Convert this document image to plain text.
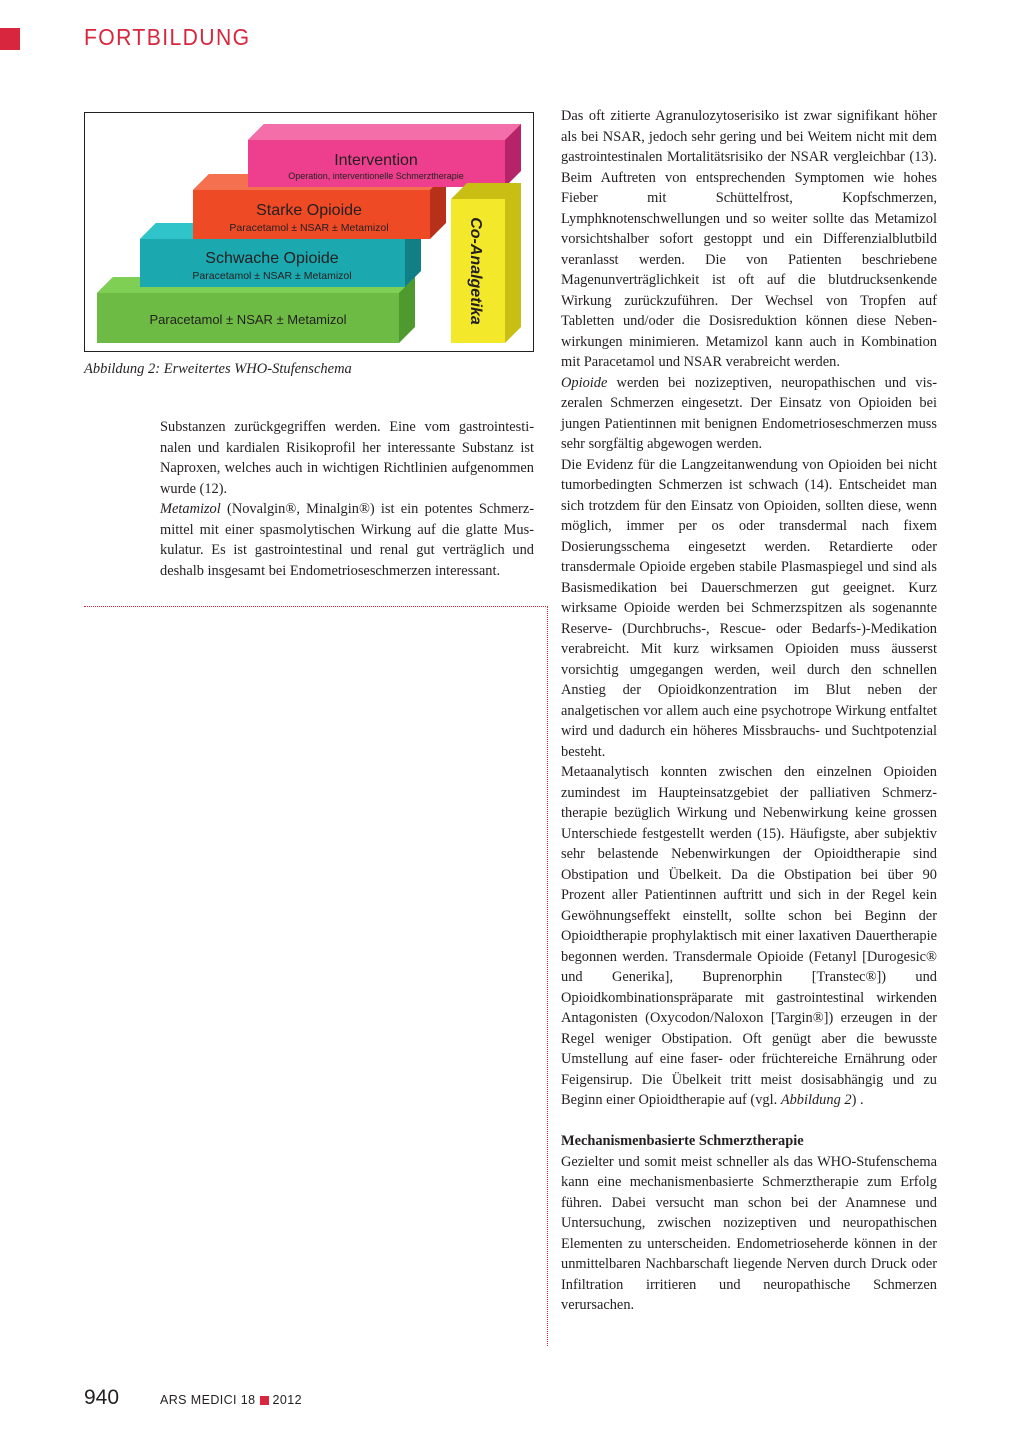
FORTBILDUNG
Paracetamol ± NSAR ± Metamizol
Schwache Opioide
Paracetamol ± NSAR ± Metamizol
Starke Opioide
Paracetamol ± NSAR ± Metamizol
Intervention
Operation, interventionelle Schmerztherapie
Co-Analgetika
Abbildung 2: Erweitertes WHO-Stufenschema

Substanzen zurückgegriffen werden. Eine vom gastrointestinalen und kardialen Risikoprofil her interessante Substanz ist Naproxen, welches auch in wichtigen Richtlinien aufgenommen wurde (12).

Metamizol (Novalgin®, Minalgin®) ist ein potentes Schmerzmittel mit einer spasmolytischen Wirkung auf die glatte Muskulatur. Es ist gastrointestinal und renal gut verträglich und deshalb insgesamt bei Endometrioseschmerzen interessant.

Das oft zitierte Agranulozytoserisiko ist zwar signifikant höher als bei NSAR, jedoch sehr gering und bei Weitem nicht mit dem gastrointestinalen Mortalitätsrisiko der NSAR vergleichbar (13). Beim Auftreten von entsprechenden Symptomen wie hohes Fieber mit Schüttelfrost, Kopfschmerzen, Lymphknotenschwellungen und so weiter sollte das Metamizol vorsichtshalber sofort gestoppt und ein Differenzialblutbild veranlasst werden. Die von Patienten beschriebene Magenunverträglichkeit ist oft auf die blutdrucksenkende Wirkung zurückzuführen. Der Wechsel von Tropfen auf Tabletten und/oder die Dosisreduktion können diese Nebenwirkungen minimieren. Metamizol kann auch in Kombination mit Paracetamol und NSAR verabreicht werden.

Opioide werden bei nozizeptiven, neuropathischen und viszeralen Schmerzen eingesetzt. Der Einsatz von Opioiden bei jungen Patientinnen mit benignen Endometrioseschmerzen muss sehr sorgfältig abgewogen werden.

Die Evidenz für die Langzeitanwendung von Opioiden bei nicht tumorbedingten Schmerzen ist schwach (14). Entscheidet man sich trotzdem für den Einsatz von Opioiden, sollten diese, wenn möglich, immer per os oder transdermal nach fixem Dosierungsschema eingesetzt werden. Retardierte oder transdermale Opioide ergeben stabile Plasmaspiegel und sind als Basismedikation bei Dauerschmerzen gut geeignet. Kurz wirksame Opioide werden bei Schmerzspitzen als sogenannte Reserve- (Durchbruchs-, Rescue- oder Bedarfs-)-Medikation verabreicht. Mit kurz wirksamen Opioiden muss äusserst vorsichtig umgegangen werden, weil durch den schnellen Anstieg der Opioidkonzentration im Blut neben der analgetischen vor allem auch eine psychotrope Wirkung entfaltet wird und dadurch ein höheres Missbrauchs- und Suchtpotenzial besteht.

Metaanalytisch konnten zwischen den einzelnen Opioiden zumindest im Haupteinsatzgebiet der palliativen Schmerztherapie bezüglich Wirkung und Nebenwirkung keine grossen Unterschiede festgestellt werden (15). Häufigste, aber subjektiv sehr belastende Nebenwirkungen der Opioidtherapie sind Obstipation und Übelkeit. Da die Obstipation bei über 90 Prozent aller Patientinnen auftritt und sich in der Regel kein Gewöhnungseffekt einstellt, sollte schon bei Beginn der Opioidtherapie prophylaktisch mit einer laxativen Dauertherapie begonnen werden. Transdermale Opioide (Fetanyl [Durogesic® und Generika], Buprenorphin [Transtec®]) und Opioidkombinationspräparate mit gastrointestinal wirkenden Antagonisten (Oxycodon/Naloxon [Targin®]) erzeugen in der Regel weniger Obstipation. Oft genügt aber die bewusste Umstellung auf eine faser- oder früchtereiche Ernährung oder Feigensirup. Die Übelkeit tritt meist dosisabhängig und zu Beginn einer Opioidtherapie auf (vgl. Abbildung 2) .

Mechanismenbasierte Schmerztherapie

Gezielter und somit meist schneller als das WHO-Stufenschema kann eine mechanismenbasierte Schmerztherapie zum Erfolg führen. Dabei versucht man schon bei der Anamnese und Untersuchung, zwischen nozizeptiven und neuropathischen Elementen zu unterscheiden. Endometrioseherde können in der unmittelbaren Nachbarschaft liegende Nerven durch Druck oder Infiltration irritieren und neuropathische Schmerzen verursachen.

940	ARS MEDICI 18 2012
